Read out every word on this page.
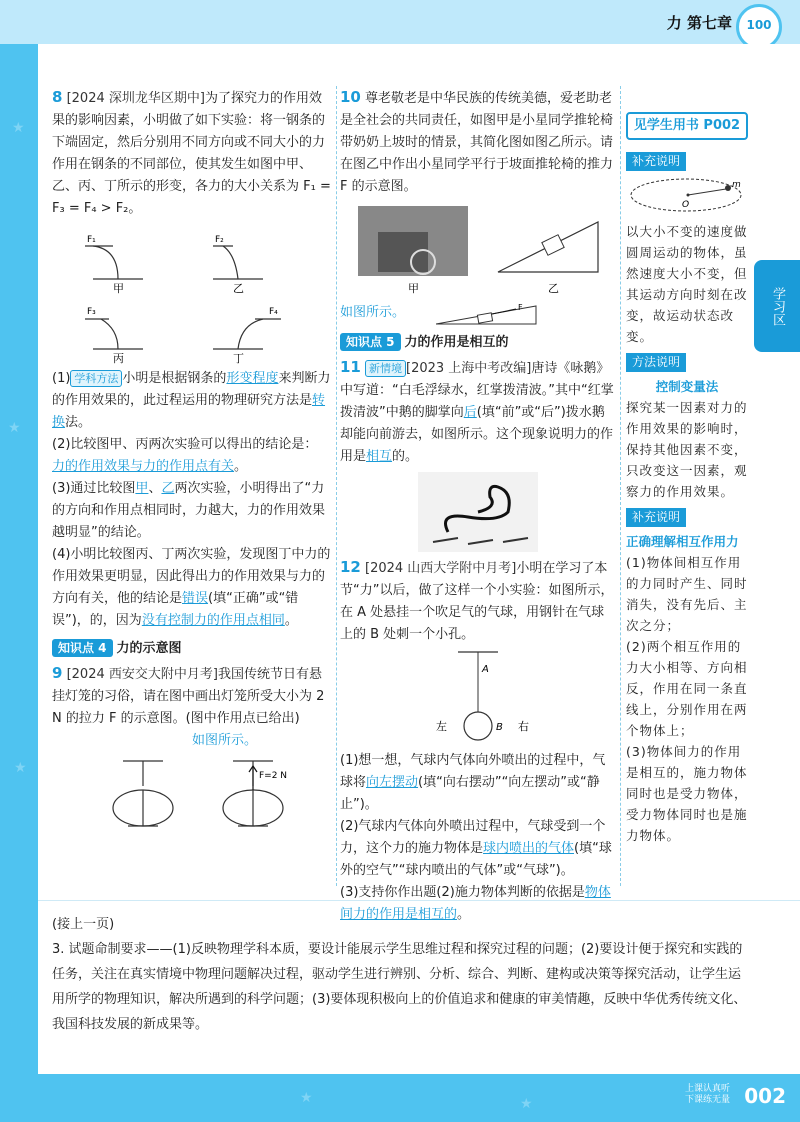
力 第七章	100
★
★
★
★	★

8 [2024 深圳龙华区期中]为了探究力的作用效果的影响因素，小明做了如下实验：将一钢条的下端固定，然后分别用不同方向或不同大小的力作用在钢条的不同部位，使其发生如图中甲、乙、丙、丁所示的形变，各力的大小关系为 F₁ = F₃ = F₄ > F₂。

F₁	F₂
F₃	F₄
甲	乙
丙	丁

(1) 学科方法 小明是根据钢条的形变程度来判断力的作用效果的，此过程运用的物理研究方法是转换法。

(2)比较图甲、丙两次实验可以得出的结论是：
力的作用效果与力的作用点有关。

(3)通过比较图甲、乙两次实验，小明得出了“力的方向和作用点相同时，力越大，力的作用效果越明显”的结论。

(4)小明比较图丙、丁两次实验，发现图丁中力的作用效果更明显，因此得出力的作用效果与力的方向有关，他的结论是错误(填“正确”或“错误”)，的，因为没有控制力的作用点相同。

知识点 4 力的示意图

9 [2024 西安交大附中月考]我国传统节日有悬挂灯笼的习俗，请在图中画出灯笼所受大小为 2 N 的拉力 F 的示意图。(图中作用点已给出)

如图所示。

F=2 N

10 尊老敬老是中华民族的传统美德，爱老助老是全社会的共同责任，如图甲是小星同学推轮椅带奶奶上坡时的情景，其简化图如图乙所示。请在图乙中作出小星同学平行于坡面推轮椅的推力 F 的示意图。

甲	乙
如图所示。	F
知识点 5 力的作用是相互的

11 新情境 [2023 上海中考改编]唐诗《咏鹅》中写道：“白毛浮绿水，红掌拨清波。”其中“红掌拨清波”中鹅的脚掌向后(填“前”或“后”)拨水鹅却能向前游去，如图所示。这个现象说明力的作用是相互的。

12 [2024 山西大学附中月考]小明在学习了本节“力”以后，做了这样一个小实验：如图所示，在 A 处悬挂一个吹足气的气球，用钢针在气球上的 B 处刺一个小孔。

A
B
左	右

(1)想一想，气球内气体向外喷出的过程中，气球将向左摆动(填“向右摆动”“向左摆动”或“静止”)。

(2)气球内气体向外喷出过程中，气球受到一个力，这个力的施力物体是球内喷出的气体(填“球外的空气”“球内喷出的气体”或“气球”)。

(3)支持你作出题(2)施力物体判断的依据是物体间力的作用是相互的。

见学生用书 P002
补充说明
O
m

以大小不变的速度做圆周运动的物体，虽然速度大小不变，但其运动方向时刻在改变，故运动状态改变。

方法说明

控制变量法

探究某一因素对力的作用效果的影响时，保持其他因素不变，只改变这一因素，观察力的作用效果。

补充说明

正确理解相互作用力

(1)物体间相互作用的力同时产生、同时消失，没有先后、主次之分；

(2)两个相互作用的力大小相等、方向相反，作用在同一条直线上，分别作用在两个物体上；

(3)物体间力的作用是相互的，施力物体同时也是受力物体，受力物体同时也是施力物体。

学习区
(接上一页)
3. 试题命制要求——(1)反映物理学科本质，要设计能展示学生思维过程和探究过程的问题；(2)要设计便于探究和实践的任务，关注在真实情境中物理问题解决过程，驱动学生进行辨别、分析、综合、判断、建构或决策等探究活动，让学生运用所学的物理知识，解决所遇到的科学问题；(3)要体现积极向上的价值追求和健康的审美情趣，反映中华优秀传统文化、我国科技发展的新成果等。
上课认真听
下课练无量 002
